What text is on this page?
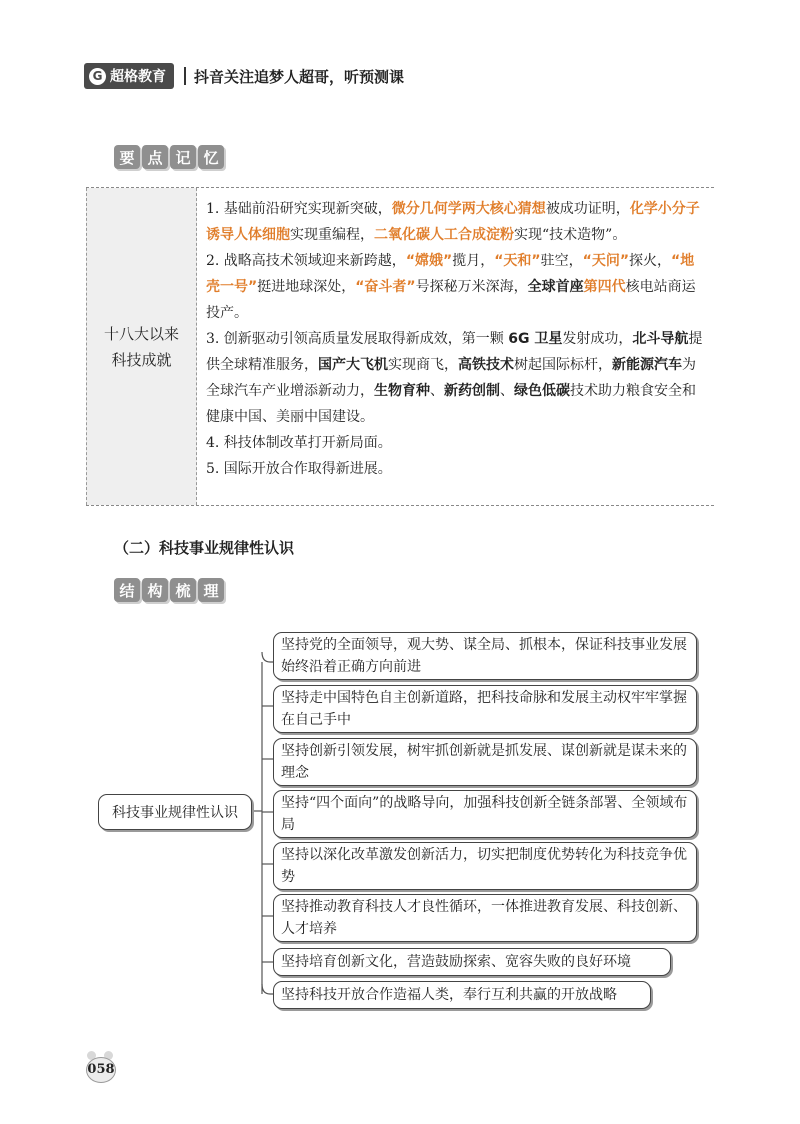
G 超格教育 抖音关注追梦人超哥，听预测课
要 点 记 忆
十八大以来
科技成就

1. 基础前沿研究实现新突破，微分几何学两大核心猜想被成功证明，化学小分子诱导人体细胞实现重编程，二氧化碳人工合成淀粉实现“技术造物”。

2. 战略高技术领域迎来新跨越，“嫦娥”揽月，“天和”驻空，“天问”探火，“地壳一号”挺进地球深处，“奋斗者”号探秘万米深海，全球首座第四代核电站商运投产。

3. 创新驱动引领高质量发展取得新成效，第一颗 6G 卫星发射成功，北斗导航提供全球精准服务，国产大飞机实现商飞，高铁技术树起国际标杆，新能源汽车为全球汽车产业增添新动力，生物育种、新药创制、绿色低碳技术助力粮食安全和健康中国、美丽中国建设。

4. 科技体制改革打开新局面。

5. 国际开放合作取得新进展。

（二）科技事业规律性认识
结 构 梳 理
科技事业规律性认识
坚持党的全面领导，观大势、谋全局、抓根本，保证科技事业发展始终沿着正确方向前进
坚持走中国特色自主创新道路，把科技命脉和发展主动权牢牢掌握在自己手中
坚持创新引领发展，树牢抓创新就是抓发展、谋创新就是谋未来的理念
坚持“四个面向”的战略导向，加强科技创新全链条部署、全领域布局
坚持以深化改革激发创新活力，切实把制度优势转化为科技竞争优势
坚持推动教育科技人才良性循环，一体推进教育发展、科技创新、人才培养
坚持培育创新文化，营造鼓励探索、宽容失败的良好环境
坚持科技开放合作造福人类，奉行互利共赢的开放战略
058
